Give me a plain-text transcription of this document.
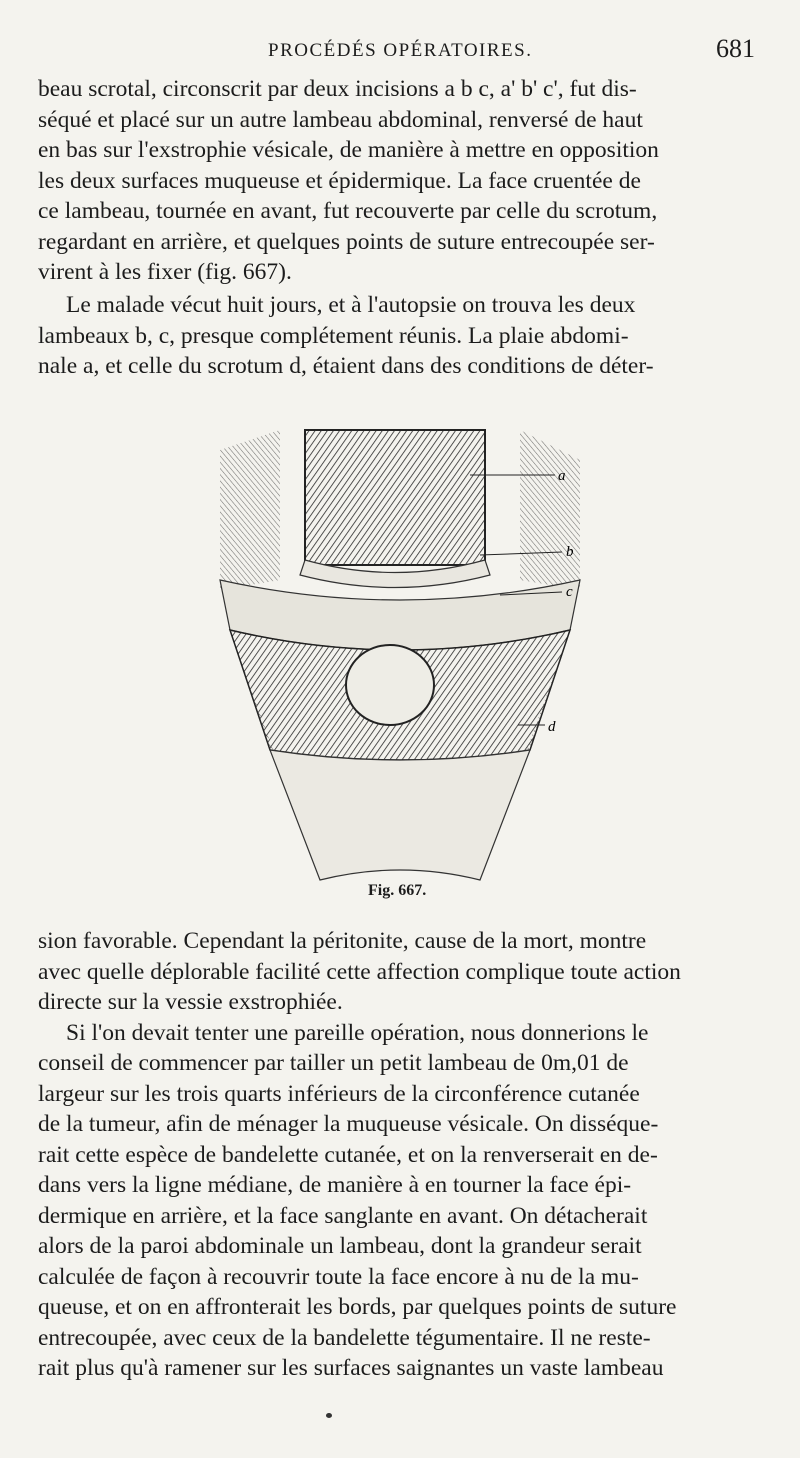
PROCÉDÉS OPÉRATOIRES.	681

beau scrotal, circonscrit par deux incisions a b c, a' b' c', fut dis-
séqué et placé sur un autre lambeau abdominal, renversé de haut
en bas sur l'exstrophie vésicale, de manière à mettre en opposition
les deux surfaces muqueuse et épidermique. La face cruentée de
ce lambeau, tournée en avant, fut recouverte par celle du scrotum,
regardant en arrière, et quelques points de suture entrecoupée ser-
virent à les fixer (fig. 667).

Le malade vécut huit jours, et à l'autopsie on trouva les deux
lambeaux b, c, presque complétement réunis. La plaie abdomi-
nale a, et celle du scrotum d, étaient dans des conditions de déter-

a
b
c
d
Fig. 667.

sion favorable. Cependant la péritonite, cause de la mort, montre
avec quelle déplorable facilité cette affection complique toute action
directe sur la vessie exstrophiée.
Si l'on devait tenter une pareille opération, nous donnerions le
conseil de commencer par tailler un petit lambeau de 0m,01 de
largeur sur les trois quarts inférieurs de la circonférence cutanée
de la tumeur, afin de ménager la muqueuse vésicale. On disséque-
rait cette espèce de bandelette cutanée, et on la renverserait en de-
dans vers la ligne médiane, de manière à en tourner la face épi-
dermique en arrière, et la face sanglante en avant. On détacherait
alors de la paroi abdominale un lambeau, dont la grandeur serait
calculée de façon à recouvrir toute la face encore à nu de la mu-
queuse, et on en affronterait les bords, par quelques points de suture
entrecoupée, avec ceux de la bandelette tégumentaire. Il ne reste-
rait plus qu'à ramener sur les surfaces saignantes un vaste lambeau
